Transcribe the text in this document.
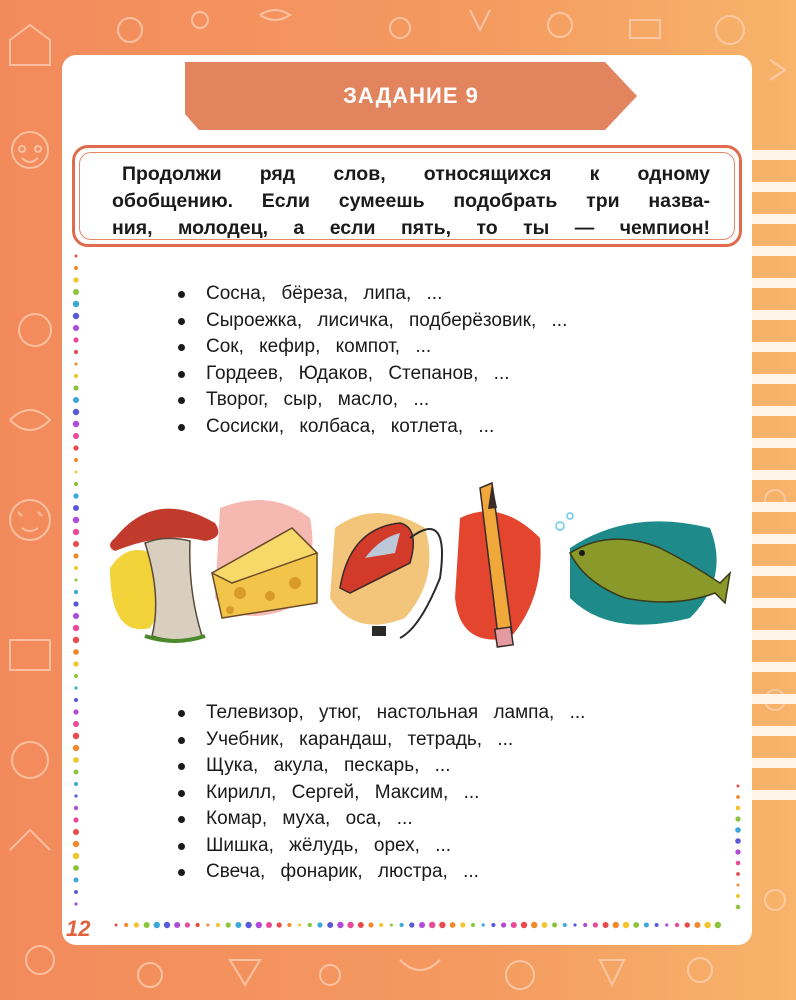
ЗАДАНИЕ 9
Продолжи ряд слов, относящихся к одному
обобщению. Если сумеешь подобрать три назва-
ния, молодец, а если пять, то ты — чемпион!
Сосна, бёреза, липа, ...
Сыроежка, лисичка, подберёзовик, ...
Сок, кефир, компот, ...
Гордеев, Юдаков, Степанов, ...
Творог, сыр, масло, ...
Сосиски, колбаса, котлета, ...
Телевизор, утюг, настольная лампа, ...
Учебник, карандаш, тетрадь, ...
Щука, акула, пескарь, ...
Кирилл, Сергей, Максим, ...
Комар, муха, оса, ...
Шишка, жёлудь, орех, ...
Свеча, фонарик, люстра, ...
12
